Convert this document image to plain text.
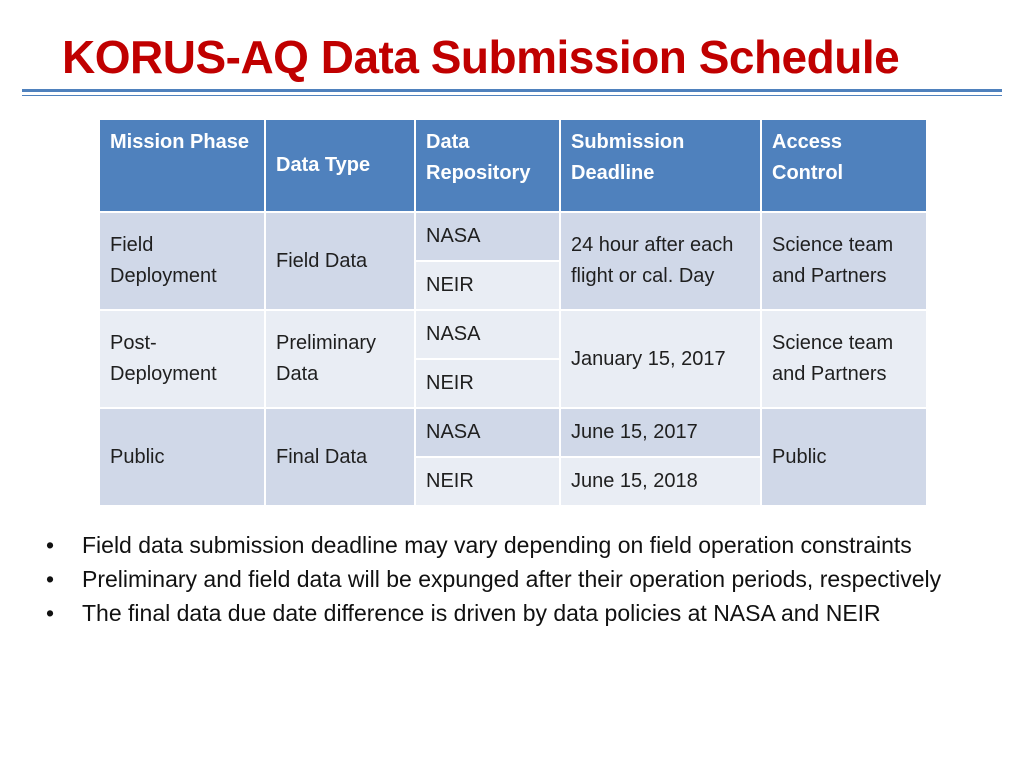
KORUS-AQ Data Submission Schedule
Mission Phase	Data Type	Data Repository	Submission Deadline	Access Control
Field Deployment	Field Data	NASA	24 hour after each flight or cal. Day	Science team and Partners
		NEIR		
Post-Deployment	Preliminary Data	NASA	January 15, 2017	Science team and Partners
		NEIR		
Public	Final Data	NASA	June 15, 2017	Public
		NEIR	June 15, 2018	
• Field data submission deadline may vary depending on field operation constraints
• Preliminary and field data will be expunged after their operation periods, respectively
• The final data due date difference is driven by data policies at NASA and NEIR
